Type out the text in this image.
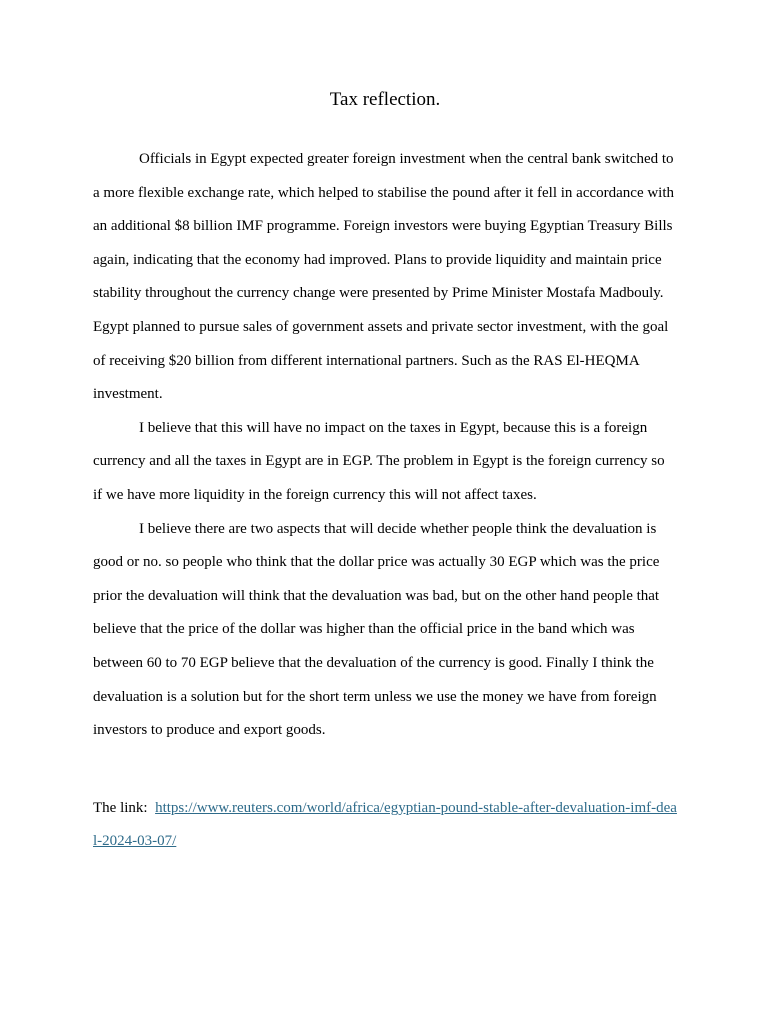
Tax reflection.

Officials in Egypt expected greater foreign investment when the central bank switched to a more flexible exchange rate, which helped to stabilise the pound after it fell in accordance with an additional $8 billion IMF programme. Foreign investors were buying Egyptian Treasury Bills again, indicating that the economy had improved. Plans to provide liquidity and maintain price stability throughout the currency change were presented by Prime Minister Mostafa Madbouly. Egypt planned to pursue sales of government assets and private sector investment, with the goal of receiving $20 billion from different international partners. Such as the RAS El-HEQMA investment.

I believe that this will have no impact on the taxes in Egypt, because this is a foreign currency and all the taxes in Egypt are in EGP. The problem in Egypt is the foreign currency so if we have more liquidity in the foreign currency this will not affect taxes.

I believe there are two aspects that will decide whether people think the devaluation is good or no. so people who think that the dollar price was actually 30 EGP which was the price prior the devaluation will think that the devaluation was bad, but on the other hand people that believe that the price of the dollar was higher than the official price in the band which was between 60 to 70 EGP believe that the devaluation of the currency is good. Finally I think the devaluation is a solution but for the short term unless we use the money we have from foreign investors to produce and export goods.

The link:  https://www.reuters.com/world/africa/egyptian-pound-stable-after-devaluation-imf-deal-2024-03-07/
